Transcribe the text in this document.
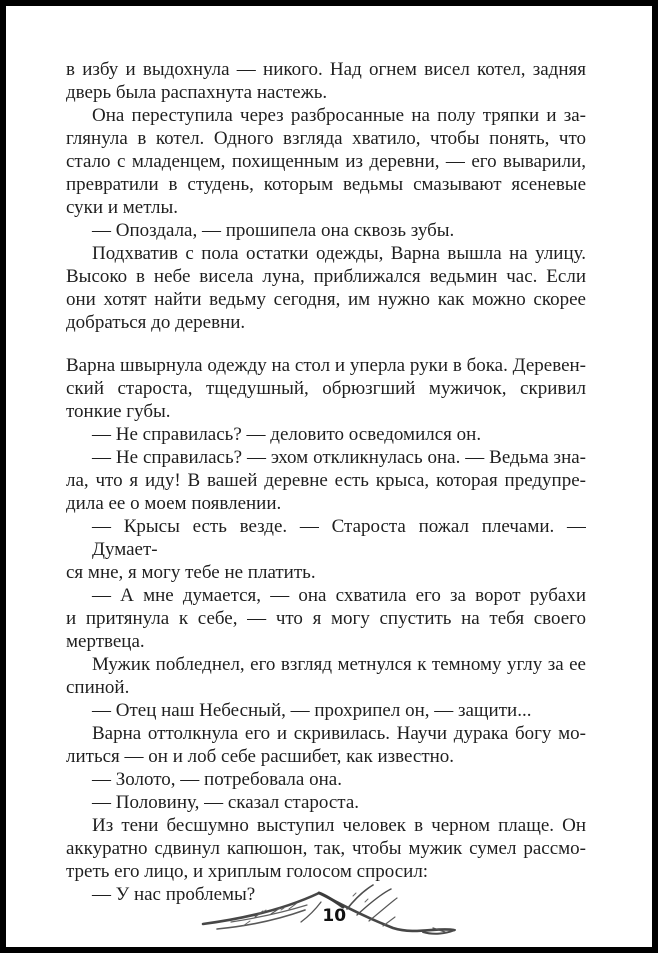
в избу и выдохнула — никого. Над огнем висел котел, задняя
дверь была распахнута настежь.

Она переступила через разбросанные на полу тряпки и за-
глянула в котел. Одного взгляда хватило, чтобы понять, что
стало с младенцем, похищенным из деревни, — его выварили,
превратили в студень, которым ведьмы смазывают ясеневые
суки и метлы.

— Опоздала, — прошипела она сквозь зубы.

Подхватив с пола остатки одежды, Варна вышла на улицу.
Высоко в небе висела луна, приближался ведьмин час. Если
они хотят найти ведьму сегодня, им нужно как можно скорее
добраться до деревни.

Варна швырнула одежду на стол и уперла руки в бока. Деревен-
ский староста, тщедушный, обрюзгший мужичок, скривил
тонкие губы.

— Не справилась? — деловито осведомился он.

— Не справилась? — эхом откликнулась она. — Ведьма зна-
ла, что я иду! В вашей деревне есть крыса, которая предупре-
дила ее о моем появлении.

— Крысы есть везде. — Староста пожал плечами. — Думает-
ся мне, я могу тебе не платить.

— А мне думается, — она схватила его за ворот рубахи
и притянула к себе, — что я могу спустить на тебя своего
мертвеца.

Мужик побледнел, его взгляд метнулся к темному углу за ее
спиной.

— Отец наш Небесный, — прохрипел он, — защити...

Варна оттолкнула его и скривилась. Научи дурака богу мо-
литься — он и лоб себе расшибет, как известно.

— Золото, — потребовала она.

— Половину, — сказал староста.

Из тени бесшумно выступил человек в черном плаще. Он
аккуратно сдвинул капюшон, так, чтобы мужик сумел рассмо-
треть его лицо, и хриплым голосом спросил:

— У нас проблемы?

10
